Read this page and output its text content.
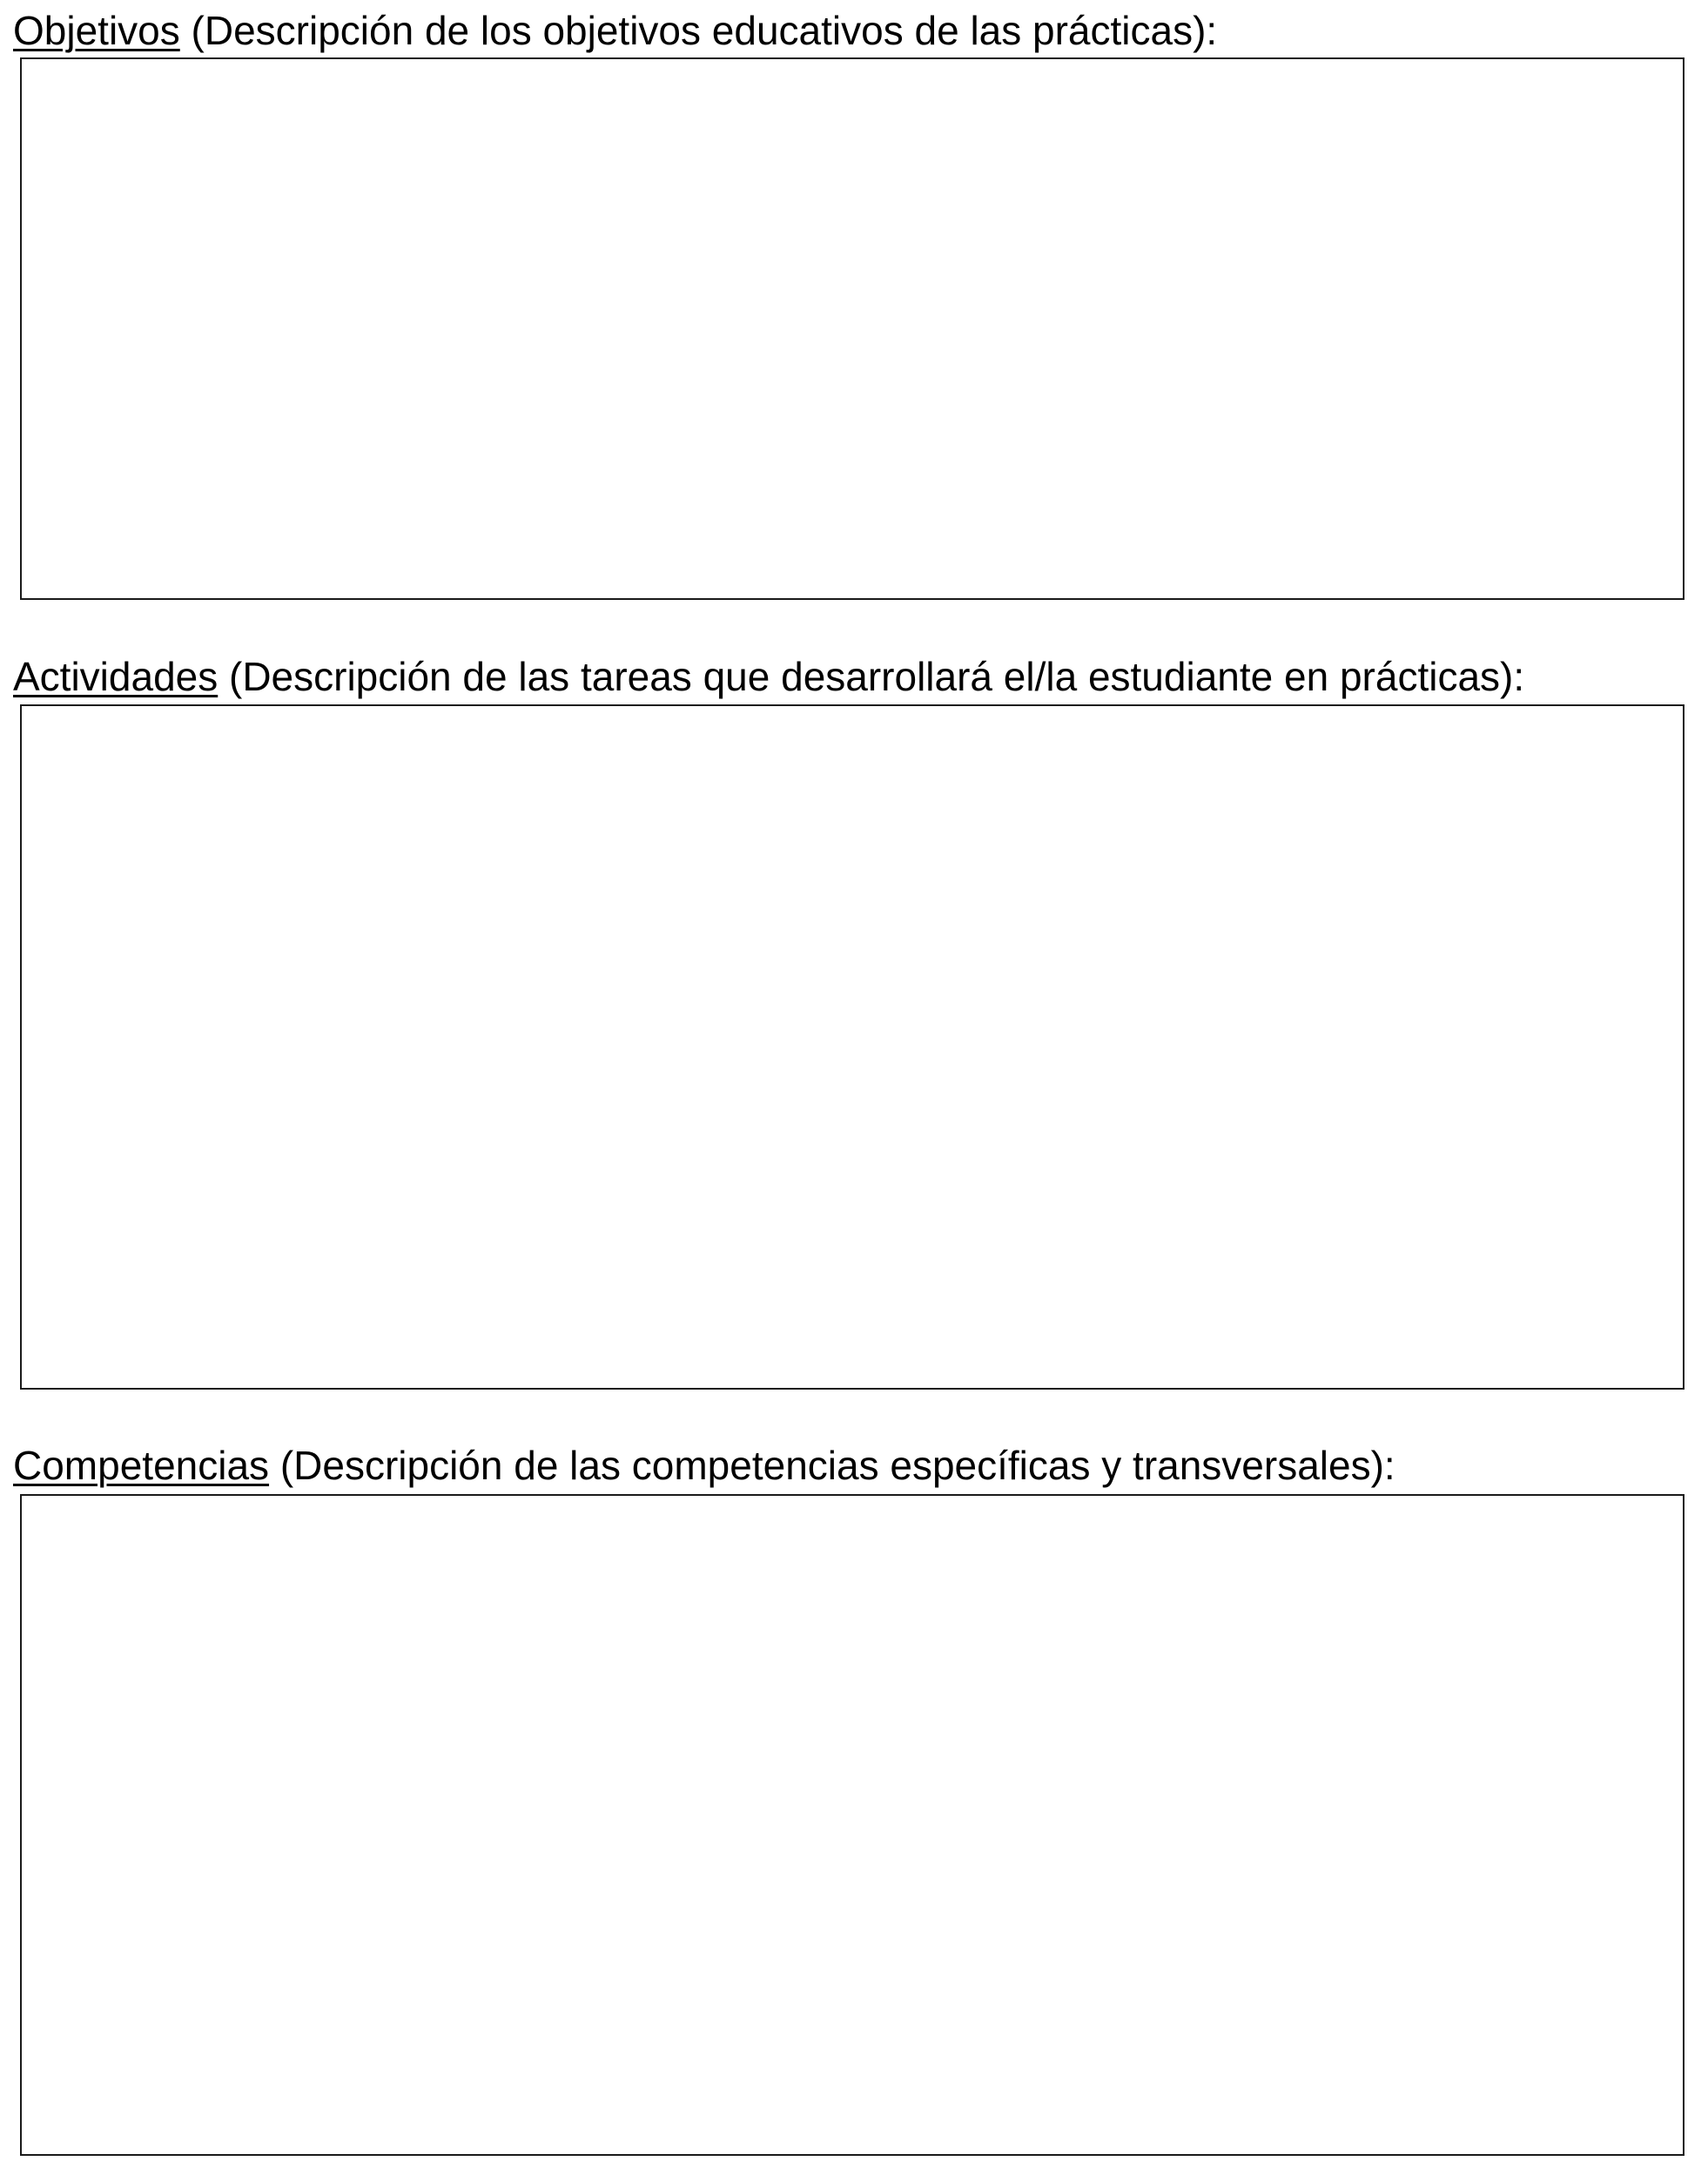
Objetivos (Descripción de los objetivos educativos de las prácticas):
Actividades (Descripción de las tareas que desarrollará el/la estudiante en prácticas):
Competencias (Descripción de las competencias específicas y transversales):
